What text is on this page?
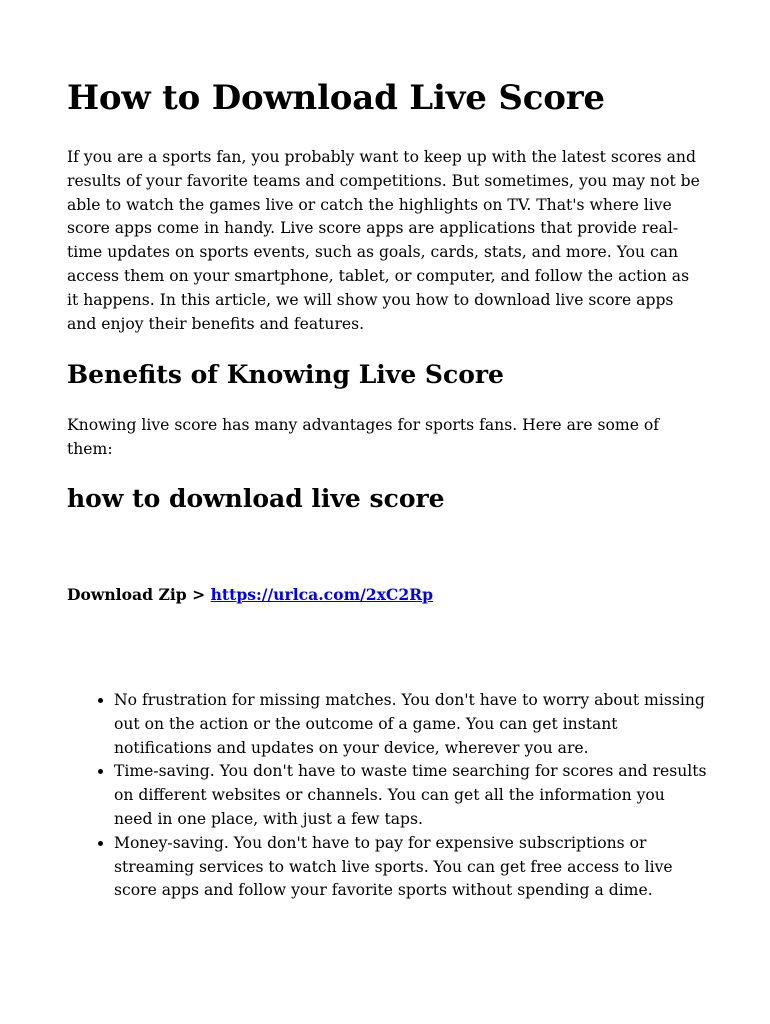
How to Download Live Score

If you are a sports fan, you probably want to keep up with the latest scores and results of your favorite teams and competitions. But sometimes, you may not be able to watch the games live or catch the highlights on TV. That's where live score apps come in handy. Live score apps are applications that provide real-time updates on sports events, such as goals, cards, stats, and more. You can access them on your smartphone, tablet, or computer, and follow the action as it happens. In this article, we will show you how to download live score apps and enjoy their benefits and features.

Benefits of Knowing Live Score

Knowing live score has many advantages for sports fans. Here are some of them:

how to download live score

Download Zip > https://urlca.com/2xC2Rp

• No frustration for missing matches. You don't have to worry about missing out on the action or the outcome of a game. You can get instant notifications and updates on your device, wherever you are.
• Time-saving. You don't have to waste time searching for scores and results on different websites or channels. You can get all the information you need in one place, with just a few taps.
• Money-saving. You don't have to pay for expensive subscriptions or streaming services to watch live sports. You can get free access to live score apps and follow your favorite sports without spending a dime.
